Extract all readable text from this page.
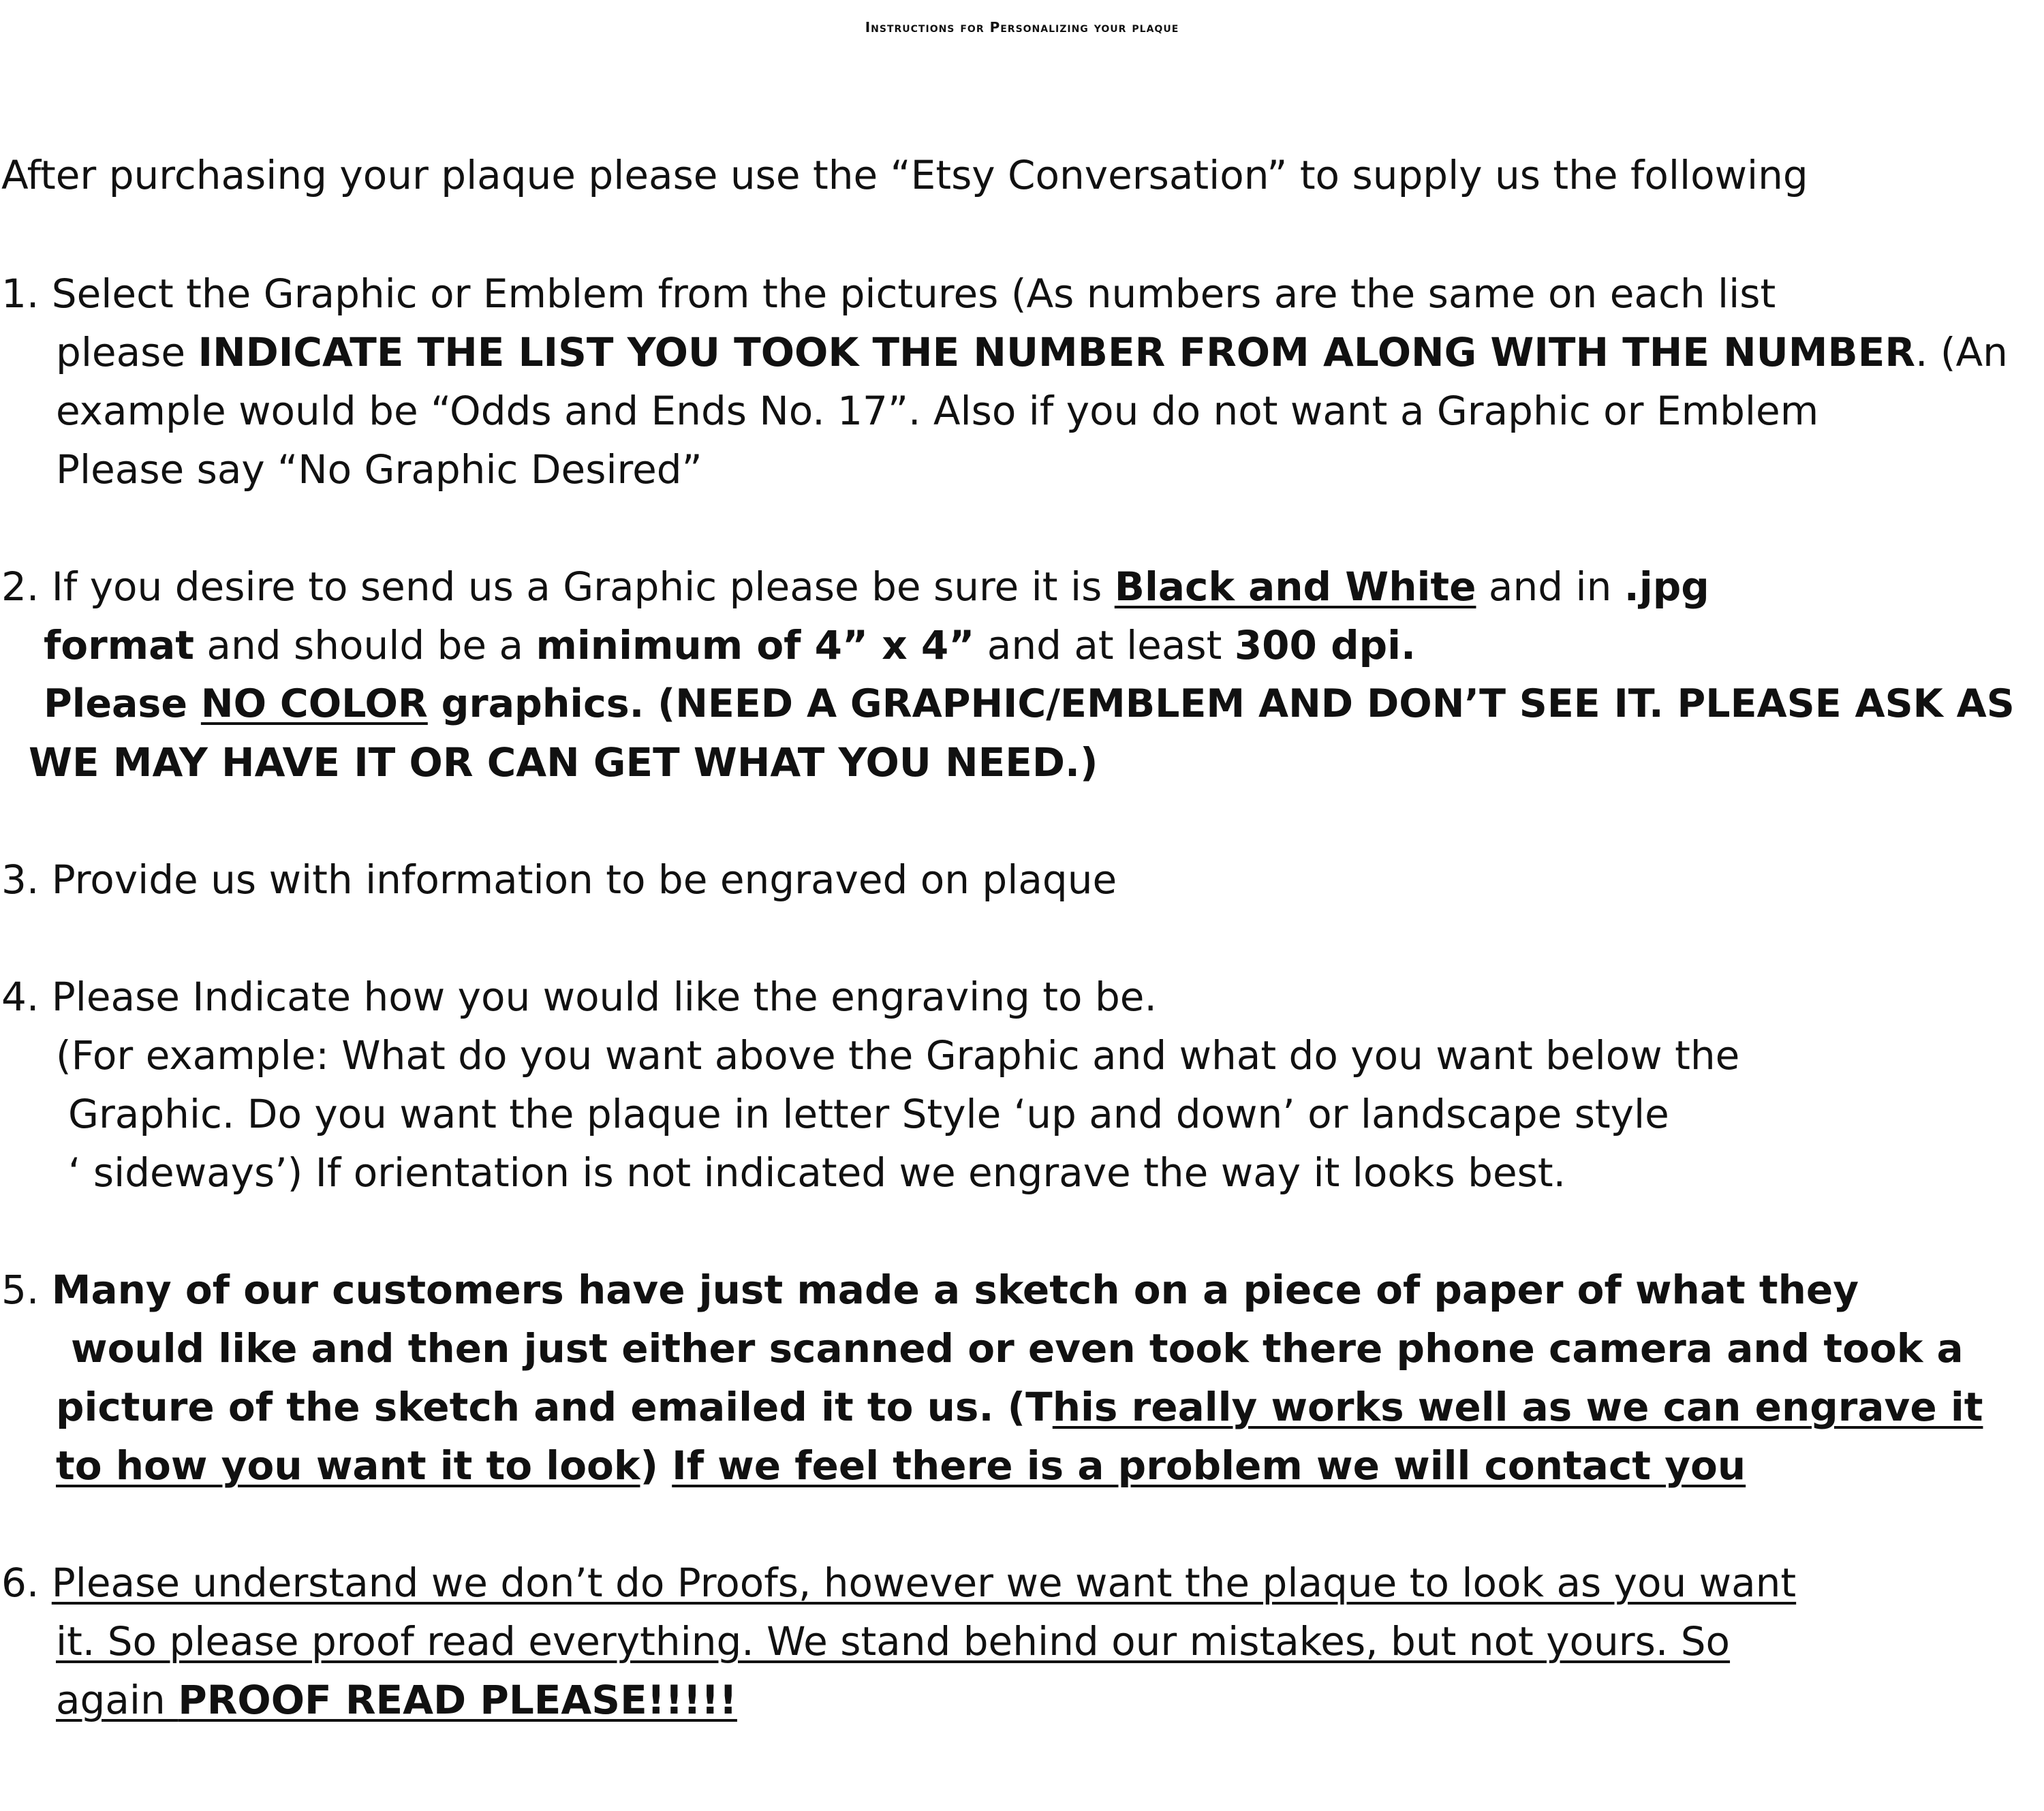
Instructions for Personalizing your plaque

After purchasing your plaque please use the “Etsy Conversation” to supply us the following

1. Select the Graphic or Emblem from the pictures (As numbers are the same on each list

please INDICATE THE LIST YOU TOOK THE NUMBER FROM ALONG WITH THE NUMBER. (An

example would be “Odds and Ends No. 17”. Also if you do not want a Graphic or Emblem

Please say “No Graphic Desired”

2. If you desire to send us a Graphic please be sure it is Black and White and in .jpg

format and should be a minimum of 4” x 4” and at least 300 dpi.

Please NO COLOR graphics. (NEED A GRAPHIC/EMBLEM AND DON’T SEE IT. PLEASE ASK AS

WE MAY HAVE IT OR CAN GET WHAT YOU NEED.)

3. Provide us with information to be engraved on plaque

4. Please Indicate how you would like the engraving to be.

(For example: What do you want above the Graphic and what do you want below the

Graphic. Do you want the plaque in letter Style ‘up and down’ or landscape style

‘ sideways’) If orientation is not indicated we engrave the way it looks best.

5. Many of our customers have just made a sketch on a piece of paper of what they

would like and then just either scanned or even took there phone camera and took a

picture of the sketch and emailed it to us. (This really works well as we can engrave it

to how you want it to look) If we feel there is a problem we will contact you

6. Please understand we don’t do Proofs, however we want the plaque to look as you want

it. So please proof read everything. We stand behind our mistakes, but not yours. So

again PROOF READ PLEASE!!!!!
